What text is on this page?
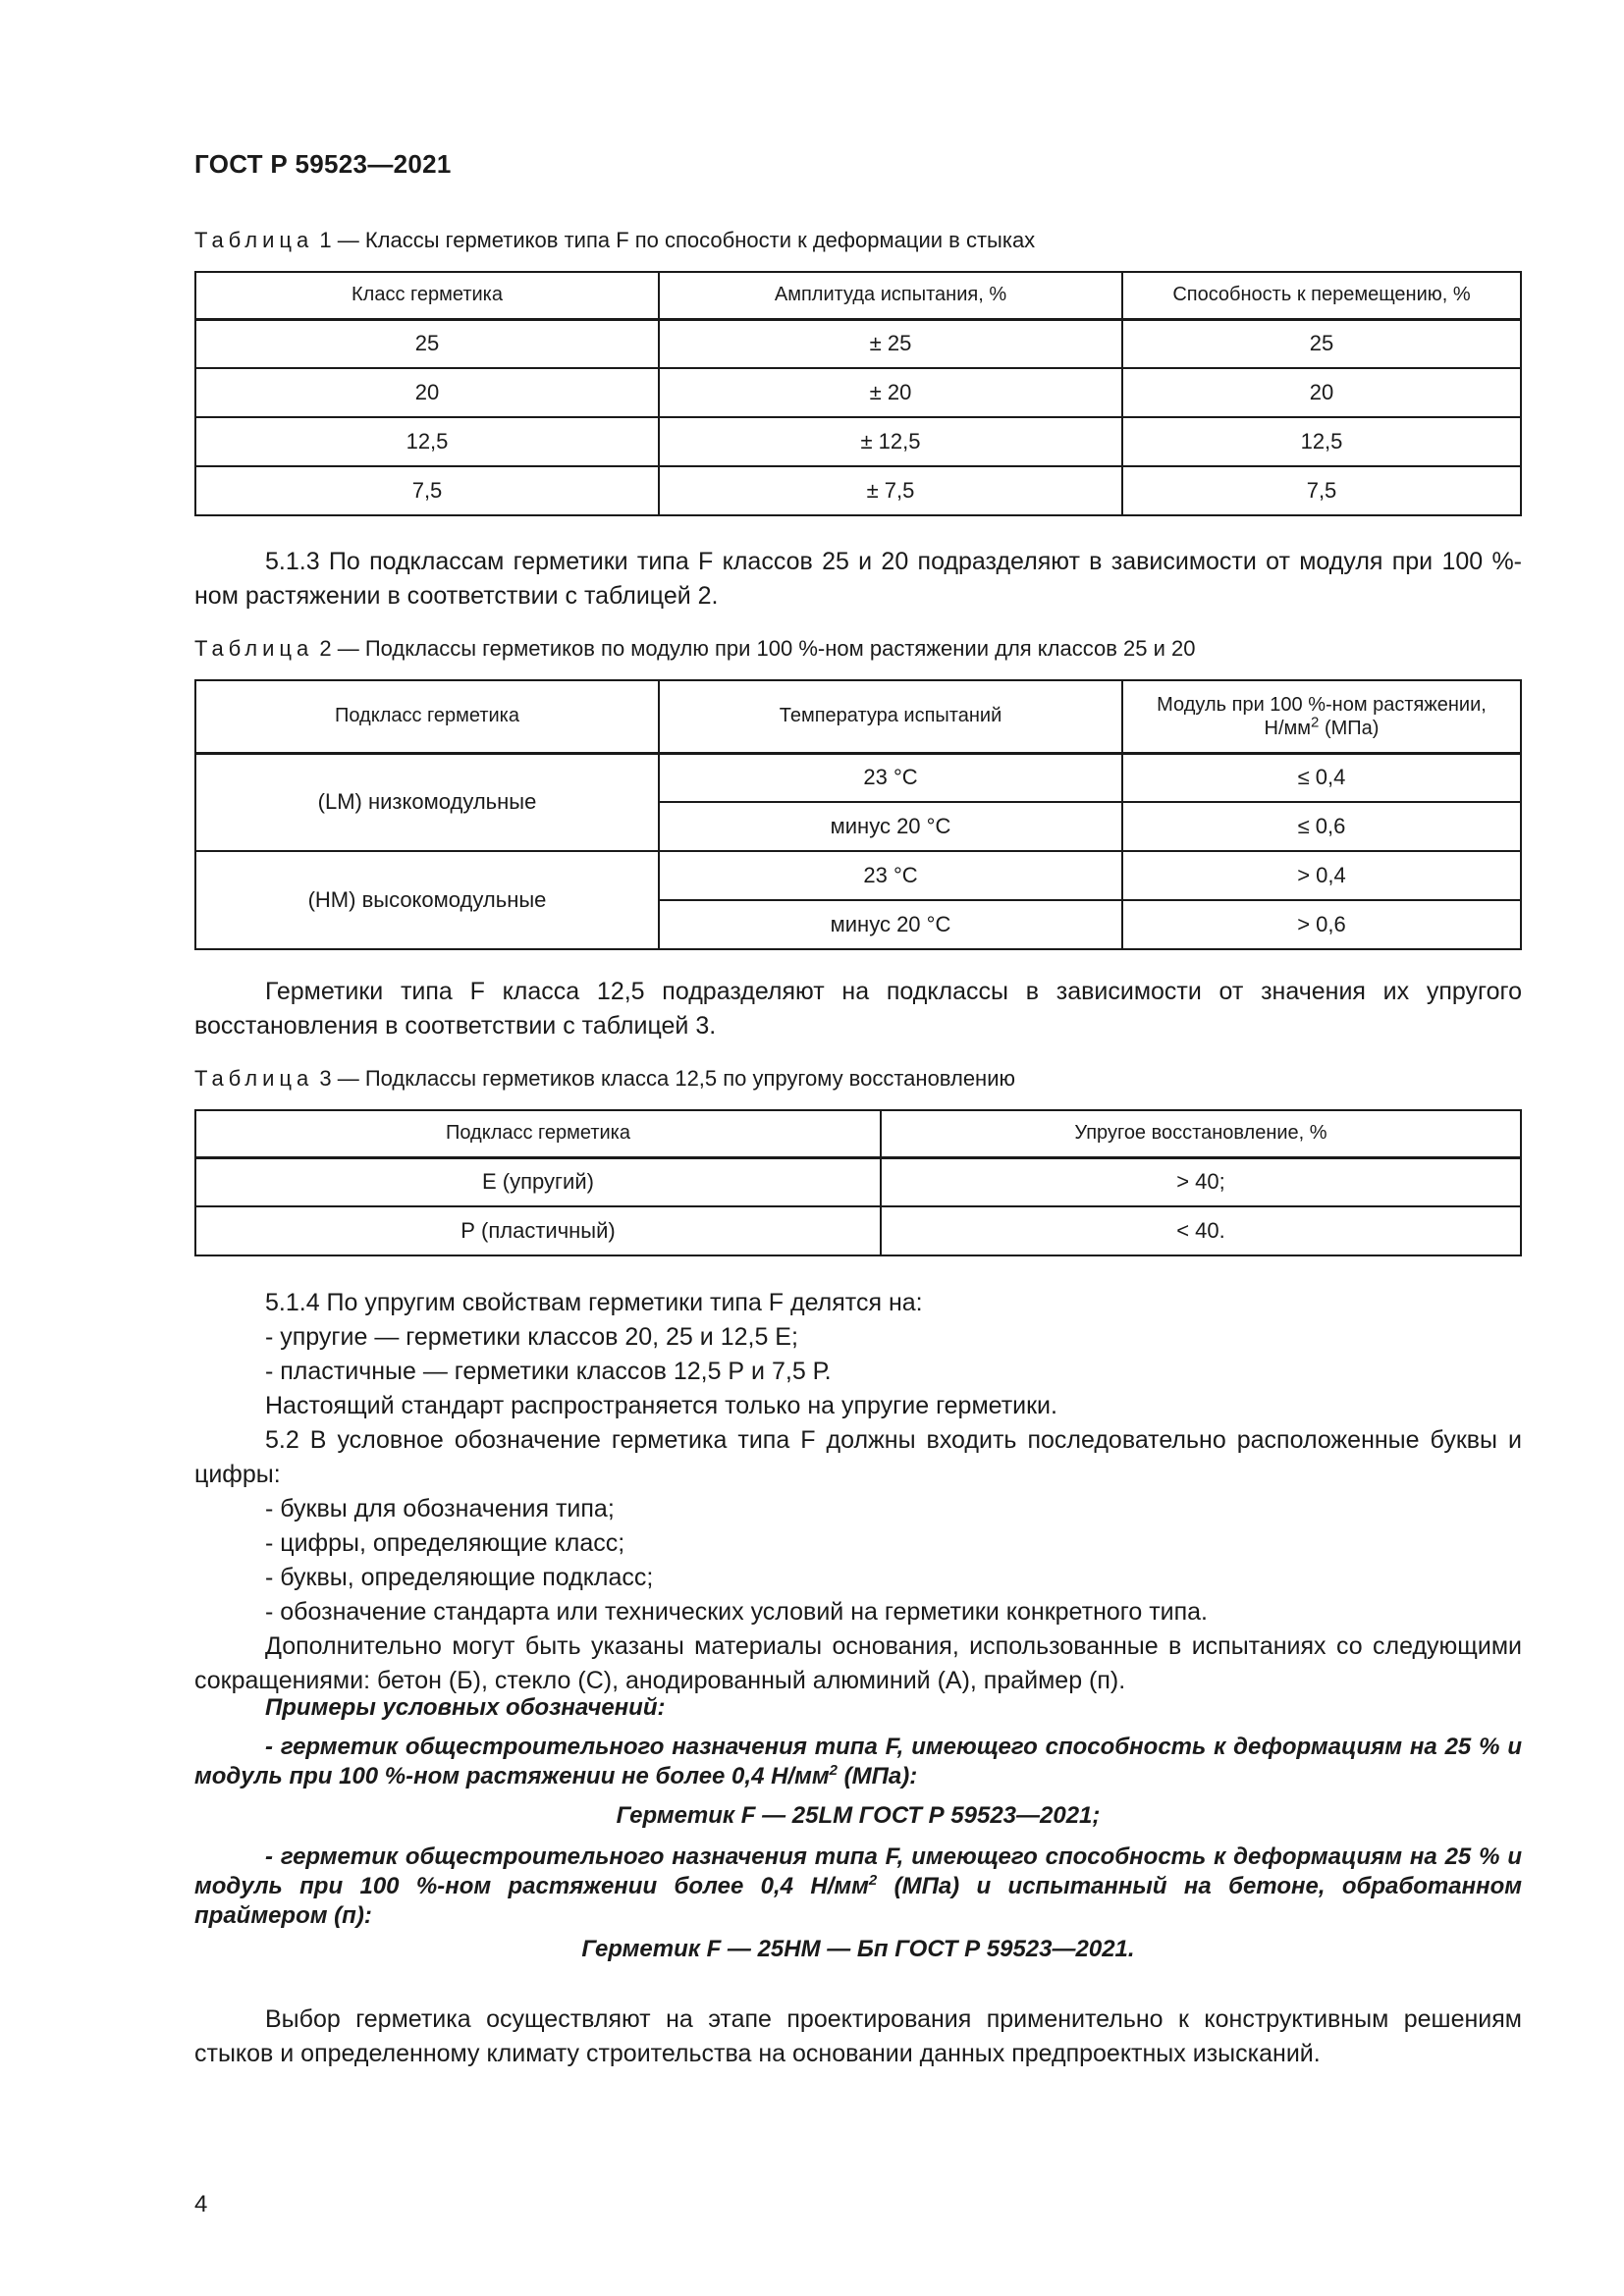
ГОСТ Р 59523—2021

Таблица 1 — Классы герметиков типа F по способности к деформации в стыках

Класс герметика	Амплитуда испытания, %	Способность к перемещению, %
25	± 25	25
20	± 20	20
12,5	± 12,5	12,5
7,5	± 7,5	7,5

5.1.3 По подклассам герметики типа F классов 25 и 20 подразделяют в зависимости от модуля при 100 %-ном растяжении в соответствии с таблицей 2.

Таблица 2 — Подклассы герметиков по модулю при 100 %-ном растяжении для классов 25 и 20

Подкласс герметика	Температура испытаний	Модуль при 100 %-ном растяжении,
$Н/мм^2$ (МПа)
(LM) низкомодульные	23 °C	≤ 0,4
	минус 20 °C	≤ 0,6
(НМ) высокомодульные	23 °C	> 0,4
	минус 20 °C	> 0,6

Герметики типа F класса 12,5 подразделяют на подклассы в зависимости от значения их упругого восстановления в соответствии с таблицей 3.

Таблица 3 — Подклассы герметиков класса 12,5 по упругому восстановлению

Подкласс герметика	Упругое восстановление, %
Е (упругий)	> 40;
Р (пластичный)	< 40.

5.1.4 По упругим свойствам герметики типа F делятся на:

- упругие — герметики классов 20, 25 и 12,5 Е;

- пластичные — герметики классов 12,5 Р и 7,5 Р.

Настоящий стандарт распространяется только на упругие герметики.

5.2 В условное обозначение герметика типа F должны входить последовательно расположенные буквы и цифры:

- буквы для обозначения типа;

- цифры, определяющие класс;

- буквы, определяющие подкласс;

- обозначение стандарта или технических условий на герметики конкретного типа.

Дополнительно могут быть указаны материалы основания, использованные в испытаниях со следующими сокращениями: бетон (Б), стекло (С), анодированный алюминий (А), праймер (п).

Примеры условных обозначений:

- герметик общестроительного назначения типа F, имеющего способность к деформациям на 25 % и модуль при 100 %-ном растяжении не более 0,4 $Н/мм^2$ (МПа):

Герметик F — 25LM ГОСТ Р 59523—2021;

- герметик общестроительного назначения типа F, имеющего способность к деформациям на 25 % и модуль при 100 %-ном растяжении более 0,4 $Н/мм^2$ (МПа) и испытанный на бетоне, обработанном праймером (п):

Герметик F — 25НМ — Бп ГОСТ Р 59523—2021.

Выбор герметика осуществляют на этапе проектирования применительно к конструктивным решениям стыков и определенному климату строительства на основании данных предпроектных изысканий.

4
